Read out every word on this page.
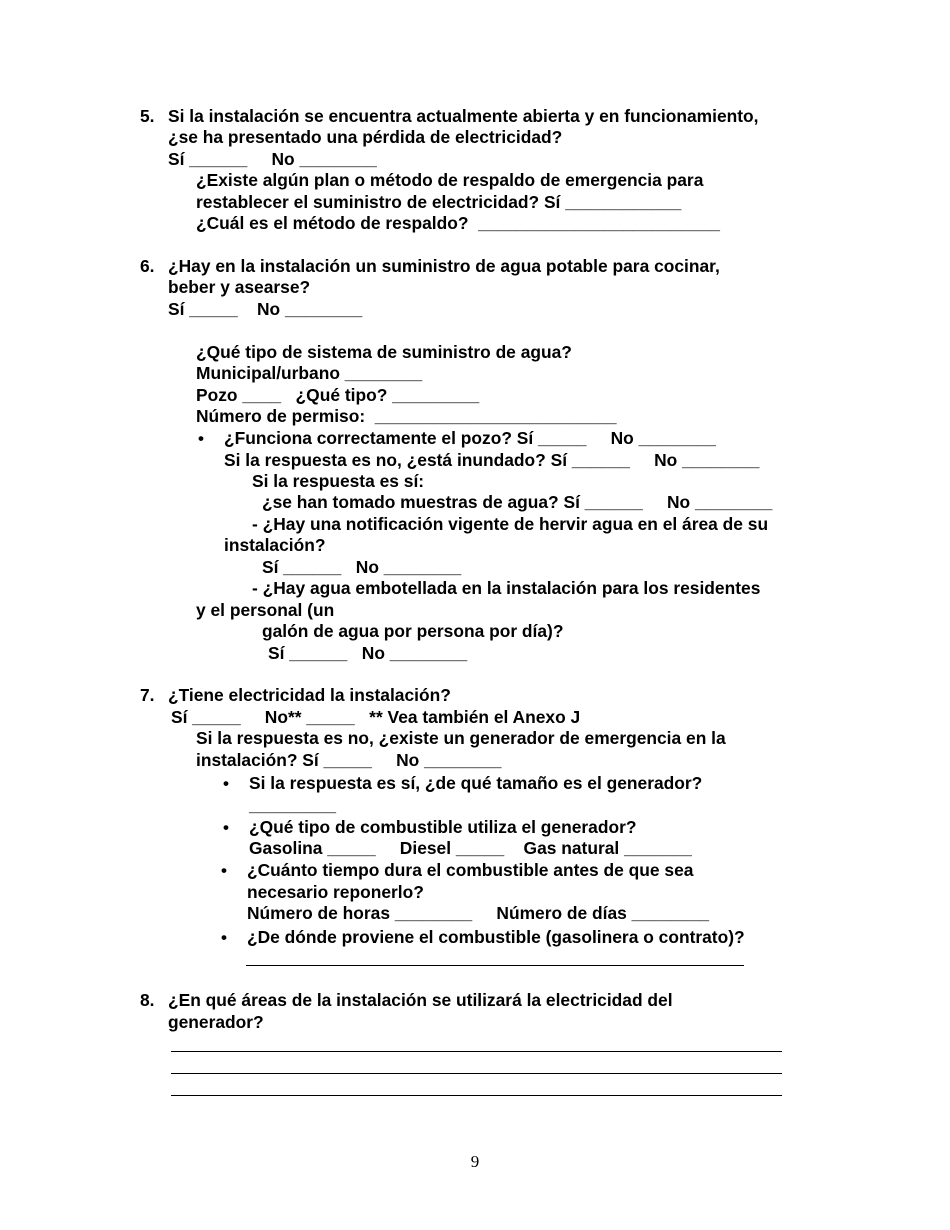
5. Si la instalación se encuentra actualmente abierta y en funcionamiento,
¿se ha presentado una pérdida de electricidad?
Sí ______     No ________
¿Existe algún plan o método de respaldo de emergencia para
restablecer el suministro de electricidad? Sí ____________
¿Cuál es el método de respaldo?  _________________________
6. ¿Hay en la instalación un suministro de agua potable para cocinar,
beber y asearse?
Sí _____    No ________
¿Qué tipo de sistema de suministro de agua?
Municipal/urbano ________
Pozo ____   ¿Qué tipo? _________
Número de permiso:  _________________________
• ¿Funciona correctamente el pozo? Sí _____     No ________
Si la respuesta es no, ¿está inundado? Sí ______     No ________
Si la respuesta es sí:
¿se han tomado muestras de agua? Sí ______     No ________
- ¿Hay una notificación vigente de hervir agua en el área de su
instalación?
Sí ______   No ________
- ¿Hay agua embotellada en la instalación para los residentes
y el personal (un
galón de agua por persona por día)?
Sí ______   No ________
7. ¿Tiene electricidad la instalación?
Sí _____     No** _____   ** Vea también el Anexo J
Si la respuesta es no, ¿existe un generador de emergencia en la
instalación? Sí _____     No ________
• Si la respuesta es sí, ¿de qué tamaño es el generador?
_________
• ¿Qué tipo de combustible utiliza el generador?
Gasolina _____     Diesel _____    Gas natural _______
• ¿Cuánto tiempo dura el combustible antes de que sea
necesario reponerlo?
Número de horas ________     Número de días ________
• ¿De dónde proviene el combustible (gasolinera o contrato)?
8. ¿En qué áreas de la instalación se utilizará la electricidad del
generador?
9
